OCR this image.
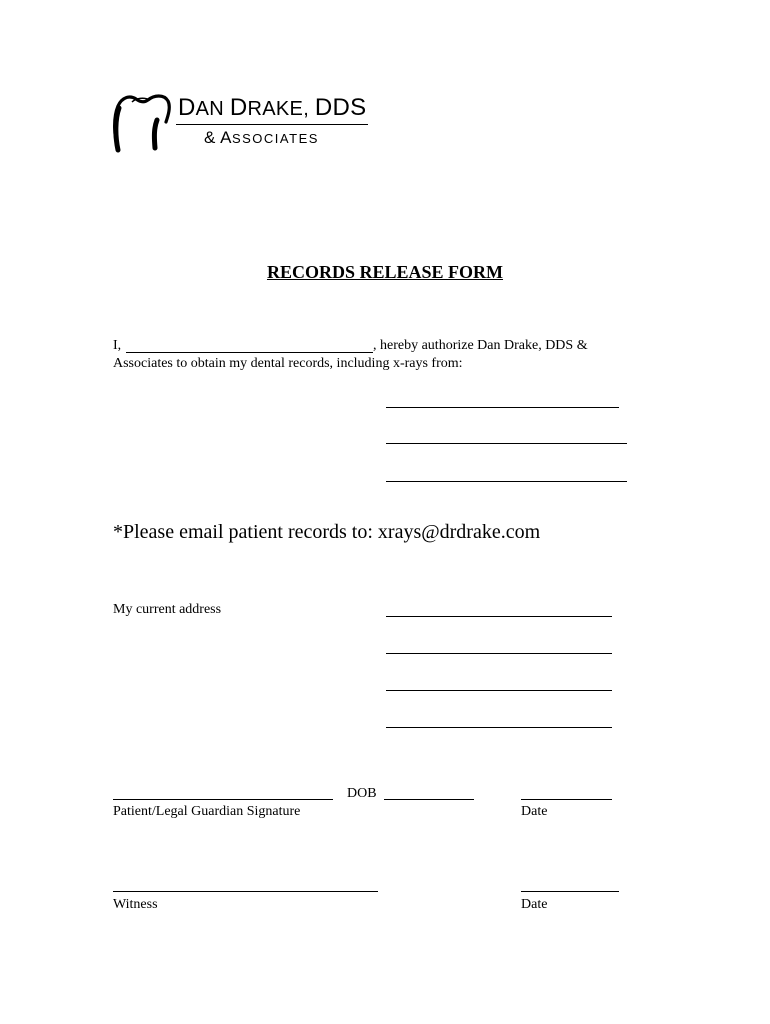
DAN DRAKE, DDS
& ASSOCIATES
RECORDS RELEASE FORM
I,	, hereby authorize Dan Drake, DDS &
Associates to obtain my dental records, including x-rays from:
*Please email patient records to: xrays@drdrake.com
My current address
DOB
Patient/Legal Guardian Signature	Date
Witness	Date
